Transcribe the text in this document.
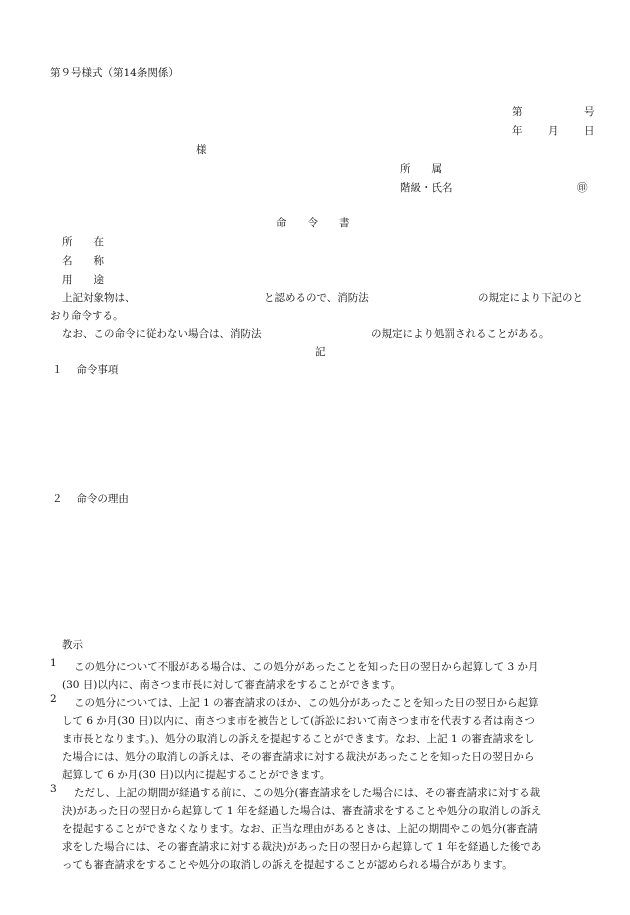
第９号様式（第14条関係）
第	号
年 月 日
様
所　　属
階級・氏名	㊞
命　　令　　書
所　　在
名　　称
用　　途
上記対象物は、	と認めるので、消防法	の規定により下記のと
おり命令する。
なお、この命令に従わない場合は、消防法	の規定により処罰されることがある。
記
１　 命令事項
２　 命令の理由
教示
1	この処分について不服がある場合は、この処分があったことを知った日の翌日から起算して 3 か月

(30 日)以内に、南さつま市長に対して審査請求をすることができます。

2	この処分については、上記 1 の審査請求のほか、この処分があったことを知った日の翌日から起算

して 6 か月(30 日)以内に、南さつま市を被告として(訴訟において南さつま市を代表する者は南さつ

ま市長となります。)、処分の取消しの訴えを提起することができます。なお、上記 1 の審査請求をし

た場合には、処分の取消しの訴えは、その審査請求に対する裁決があったことを知った日の翌日から

起算して 6 か月(30 日)以内に提起することができます。

3	ただし、上記の期間が経過する前に、この処分(審査請求をした場合には、その審査請求に対する裁

決)があった日の翌日から起算して 1 年を経過した場合は、審査請求をすることや処分の取消しの訴え

を提起することができなくなります。なお、正当な理由があるときは、上記の期間やこの処分(審査請

求をした場合には、その審査請求に対する裁決)があった日の翌日から起算して 1 年を経過した後であ

っても審査請求をすることや処分の取消しの訴えを提起することが認められる場合があります。
